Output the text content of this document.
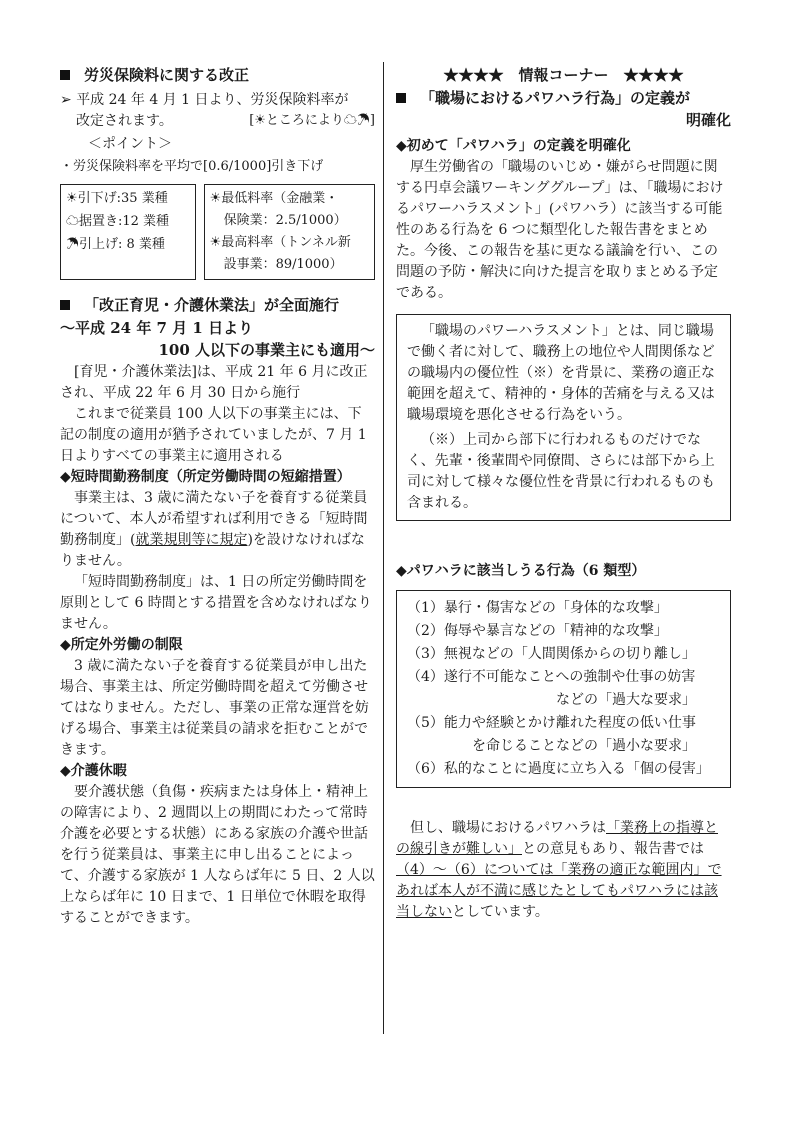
労災保険料に関する改正
➢ 平成 24 年 4 月 1 日より、労災保険料率が
改定されます。	[☀ところにより☁☂]
＜ポイント＞
・労災保険料率を平均で[0.6/1000]引き下げ
☀引下げ:35 業種
☁据置き:12 業種
☂引上げ: 8 業種
☀最低料率（金融業・
保険業：2.5/1000）
☀最高料率（トンネル新
設事業：89/1000）
「改正育児・介護休業法」が全面施行
〜平成 24 年 7 月 1 日より
100 人以下の事業主にも適用〜

[育児・介護休業法]は、平成 21 年 6 月に改正され、平成 22 年 6 月 30 日から施行

これまで従業員 100 人以下の事業主には、下記の制度の適用が猶予されていましたが、7 月 1 日よりすべての事業主に適用される

◆短時間勤務制度（所定労働時間の短縮措置）

事業主は、3 歳に満たない子を養育する従業員について、本人が希望すれば利用できる「短時間勤務制度」(就業規則等に規定)を設けなければなりません。

「短時間勤務制度」は、1 日の所定労働時間を原則として 6 時間とする措置を含めなければなりません。

◆所定外労働の制限

3 歳に満たない子を養育する従業員が申し出た場合、事業主は、所定労働時間を超えて労働させてはなりません。ただし、事業の正常な運営を妨げる場合、事業主は従業員の請求を拒むことができます。

◆介護休暇

要介護状態（負傷・疾病または身体上・精神上の障害により、2 週間以上の期間にわたって常時介護を必要とする状態）にある家族の介護や世話を行う従業員は、事業主に申し出ることによって、介護する家族が 1 人ならば年に 5 日、2 人以上ならば年に 10 日まで、1 日単位で休暇を取得することができます。

★★★★　情報コーナー　★★★★
「職場におけるパワハラ行為」の定義が
明確化
◆初めて「パワハラ」の定義を明確化

厚生労働省の「職場のいじめ・嫌がらせ問題に関する円卓会議ワーキンググループ」は、「職場におけるパワーハラスメント」(パワハラ）に該当する可能性のある行為を 6 つに類型化した報告書をまとめた。今後、この報告を基に更なる議論を行い、この問題の予防・解決に向けた提言を取りまとめる予定である。

「職場のパワーハラスメント」とは、同じ職場で働く者に対して、職務上の地位や人間関係などの職場内の優位性（※）を背景に、業務の適正な範囲を超えて、精神的・身体的苦痛を与える又は職場環境を悪化させる行為をいう。

（※）上司から部下に行われるものだけでなく、先輩・後輩間や同僚間、さらには部下から上司に対して様々な優位性を背景に行われるものも含まれる。

◆パワハラに該当しうる行為（6 類型）
（1）暴行・傷害などの「身体的な攻撃」
（2）侮辱や暴言などの「精神的な攻撃」
（3）無視などの「人間関係からの切り離し」
（4）遂行不可能なことへの強制や仕事の妨害
などの「過大な要求」
（5）能力や経験とかけ離れた程度の低い仕事
を命じることなどの「過小な要求」
（6）私的なことに過度に立ち入る「個の侵害」

但し、職場におけるパワハラは「業務上の指導との線引きが難しい」との意見もあり、報告書では（4）〜（6）については「業務の適正な範囲内」であれば本人が不満に感じたとしてもパワハラには該当しないとしています。
